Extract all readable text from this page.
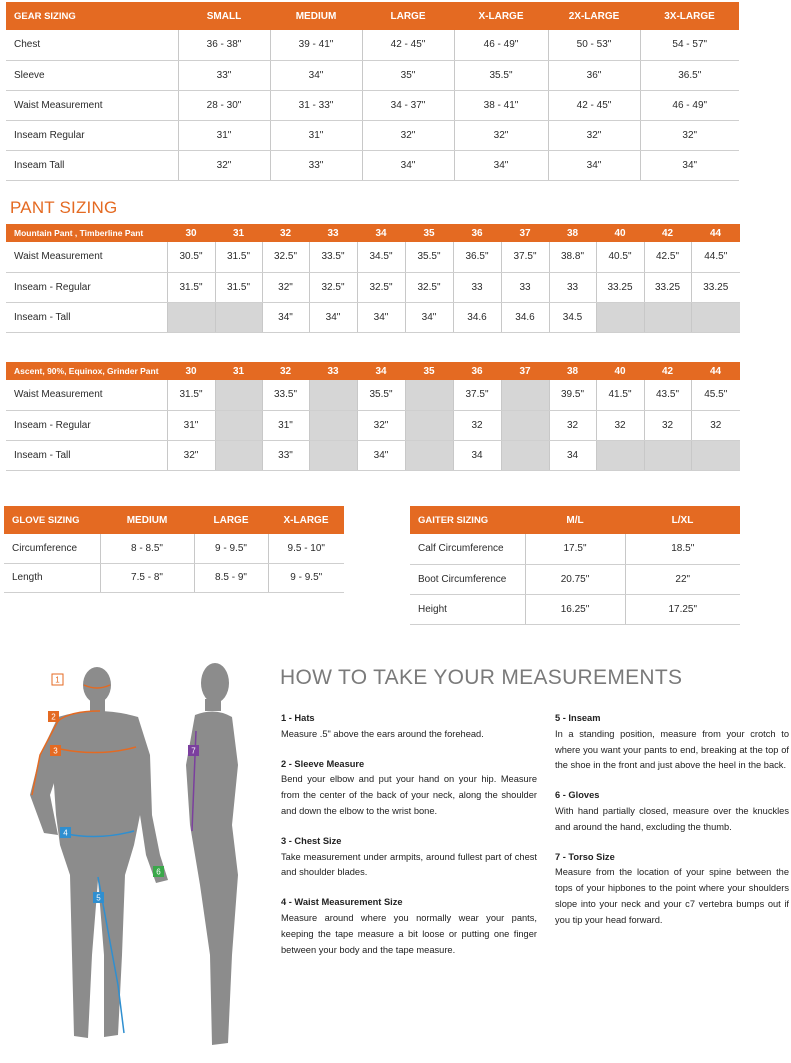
GEAR SIZING	SMALL	MEDIUM	LARGE	X-LARGE	2X-LARGE	3X-LARGE
Chest	36 - 38"	39 - 41"	42 - 45"	46 - 49"	50 - 53"	54 - 57"
Sleeve	33"	34"	35"	35.5"	36"	36.5"
Waist Measurement	28 - 30"	31 - 33"	34 - 37"	38 - 41"	42 - 45"	46 - 49"
Inseam Regular	31"	31"	32"	32"	32"	32"
Inseam Tall	32"	33"	34"	34"	34"	34"
PANT SIZING
Mountain Pant , Timberline Pant	30	31	32	33	34	35	36	37	38	40	42	44
Waist Measurement	30.5"	31.5"	32.5"	33.5"	34.5"	35.5"	36.5"	37.5"	38.8"	40.5"	42.5"	44.5"
Inseam - Regular	31.5"	31.5"	32"	32.5"	32.5"	32.5"	33	33	33	33.25	33.25	33.25
Inseam - Tall			34"	34"	34"	34"	34.6	34.6	34.5			
Ascent, 90%, Equinox, Grinder Pant	30	31	32	33	34	35	36	37	38	40	42	44
Waist Measurement	31.5"		33.5"		35.5"		37.5"		39.5"	41.5"	43.5"	45.5"
Inseam - Regular	31"		31"		32"		32		32	32	32	32
Inseam - Tall	32"		33"		34"		34		34			
GLOVE SIZING	MEDIUM	LARGE	X-LARGE
Circumference	8 - 8.5"	9 - 9.5"	9.5 - 10"
Length	7.5 - 8"	8.5 - 9"	9 - 9.5"
GAITER SIZING	M/L	L/XL
Calf Circumference	17.5"	18.5"
Boot Circumference	20.75"	22"
Height	16.25"	17.25"
1
2
3
4
5
6
7
HOW TO TAKE YOUR MEASUREMENTS
1 - Hats
Measure .5" above the ears around the forehead.
2 - Sleeve Measure
Bend your elbow and put your hand on your hip. Measure from the center of the back of your neck, along the shoulder and down the elbow to the wrist bone.
3 - Chest Size
Take measurement under armpits, around fullest part of chest and shoulder blades.
4 - Waist Measurement Size
Measure around where you normally wear your pants, keeping the tape measure a bit loose or putting one finger between your body and the tape measure.
5 - Inseam
In a standing position, measure from your crotch to where you want your pants to end, breaking at the top of the shoe in the front and just above the heel in the back.
6 - Gloves
With hand partially closed, measure over the knuckles and around the hand, excluding the thumb.
7 - Torso Size
Measure from the location of your spine between the tops of your hipbones to the point where your shoulders slope into your neck and your c7 vertebra bumps out if you tip your head forward.
